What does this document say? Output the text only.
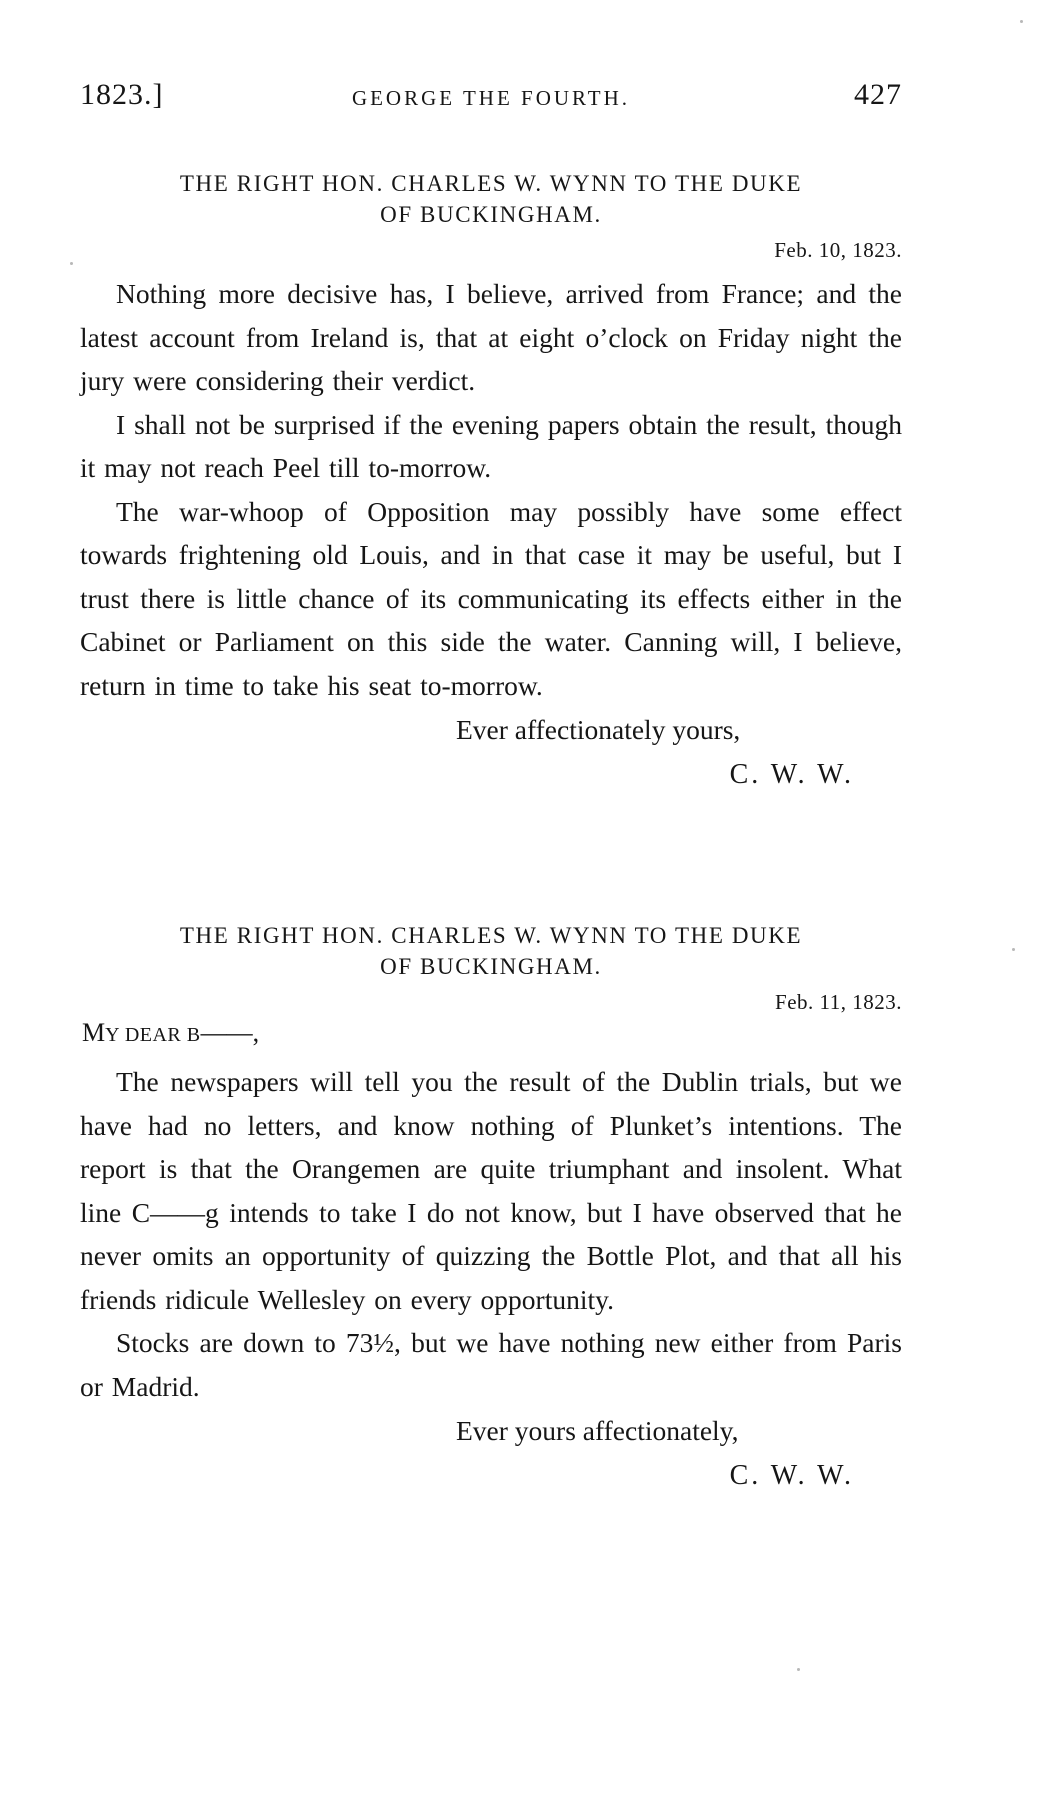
1823.]	GEORGE THE FOURTH.	427
THE RIGHT HON. CHARLES W. WYNN TO THE DUKE
OF BUCKINGHAM.

Feb. 10, 1823.

Nothing more decisive has, I believe, arrived from France; and the latest account from Ireland is, that at eight o’clock on Friday night the jury were considering their verdict.

I shall not be surprised if the evening papers obtain the result, though it may not reach Peel till to-morrow.

The war-whoop of Opposition may possibly have some effect towards frightening old Louis, and in that case it may be useful, but I trust there is little chance of its communicating its effects either in the Cabinet or Parliament on this side the water. Canning will, I believe, return in time to take his seat to-morrow.

Ever affectionately yours,

C. W. W.

THE RIGHT HON. CHARLES W. WYNN TO THE DUKE
OF BUCKINGHAM.

Feb. 11, 1823.

MY DEAR B——,

The newspapers will tell you the result of the Dublin trials, but we have had no letters, and know nothing of Plunket’s intentions. The report is that the Orangemen are quite triumphant and insolent. What line C——g intends to take I do not know, but I have observed that he never omits an opportunity of quizzing the Bottle Plot, and that all his friends ridicule Wellesley on every opportunity.

Stocks are down to 73½, but we have nothing new either from Paris or Madrid.

Ever yours affectionately,

C. W. W.
